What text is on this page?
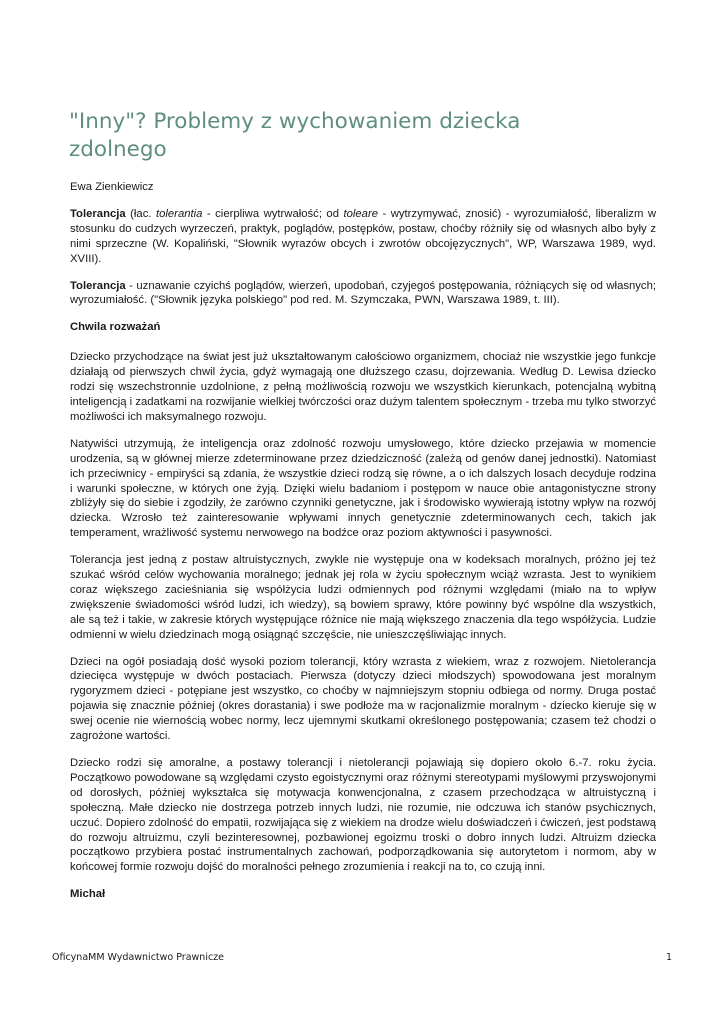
"Inny"? Problemy z wychowaniem dziecka zdolnego

Ewa Zienkiewicz

Tolerancja (łac. tolerantia - cierpliwa wytrwałość; od toleare - wytrzymywać, znosić) - wyrozumiałość, liberalizm w stosunku do cudzych wyrzeczeń, praktyk, poglądów, postępków, postaw, choćby różniły się od własnych albo były z nimi sprzeczne (W. Kopaliński, "Słownik wyrazów obcych i zwrotów obcojęzycznych", WP, Warszawa 1989, wyd. XVIII).

Tolerancja - uznawanie czyichś poglądów, wierzeń, upodobań, czyjegoś postępowania, różniących się od własnych; wyrozumiałość. ("Słownik języka polskiego" pod red. M. Szymczaka, PWN, Warszawa 1989, t. III).

Chwila rozważań

Dziecko przychodzące na świat jest już ukształtowanym całościowo organizmem, chociaż nie wszystkie jego funkcje działają od pierwszych chwil życia, gdyż wymagają one dłuższego czasu, dojrzewania. Według D. Lewisa dziecko rodzi się wszechstronnie uzdolnione, z pełną możliwością rozwoju we wszystkich kierunkach, potencjalną wybitną inteligencją i zadatkami na rozwijanie wielkiej twórczości oraz dużym talentem społecznym - trzeba mu tylko stworzyć możliwości ich maksymalnego rozwoju.

Natywiści utrzymują, że inteligencja oraz zdolność rozwoju umysłowego, które dziecko przejawia w momencie urodzenia, są w głównej mierze zdeterminowane przez dziedziczność (zależą od genów danej jednostki). Natomiast ich przeciwnicy - empiryści są zdania, że wszystkie dzieci rodzą się równe, a o ich dalszych losach decyduje rodzina i warunki społeczne, w których one żyją. Dzięki wielu badaniom i postępom w nauce obie antagonistyczne strony zbliżyły się do siebie i zgodziły, że zarówno czynniki genetyczne, jak i środowisko wywierają istotny wpływ na rozwój dziecka. Wzrosło też zainteresowanie wpływami innych genetycznie zdeterminowanych cech, takich jak temperament, wrażliwość systemu nerwowego na bodźce oraz poziom aktywności i pasywności.

Tolerancja jest jedną z postaw altruistycznych, zwykle nie występuje ona w kodeksach moralnych, próżno jej też szukać wśród celów wychowania moralnego; jednak jej rola w życiu społecznym wciąż wzrasta. Jest to wynikiem coraz większego zacieśniania się współżycia ludzi odmiennych pod różnymi względami (miało na to wpływ zwiększenie świadomości wśród ludzi, ich wiedzy), są bowiem sprawy, które powinny być wspólne dla wszystkich, ale są też i takie, w zakresie których występujące różnice nie mają większego znaczenia dla tego współżycia. Ludzie odmienni w wielu dziedzinach mogą osiągnąć szczęście, nie unieszczęśliwiając innych.

Dzieci na ogół posiadają dość wysoki poziom tolerancji, który wzrasta z wiekiem, wraz z rozwojem. Nietolerancja dziecięca występuje w dwóch postaciach. Pierwsza (dotyczy dzieci młodszych) spowodowana jest moralnym rygoryzmem dzieci - potępiane jest wszystko, co choćby w najmniejszym stopniu odbiega od normy. Druga postać pojawia się znacznie później (okres dorastania) i swe podłoże ma w racjonalizmie moralnym - dziecko kieruje się w swej ocenie nie wiernością wobec normy, lecz ujemnymi skutkami określonego postępowania; czasem też chodzi o zagrożone wartości.

Dziecko rodzi się amoralne, a postawy tolerancji i nietolerancji pojawiają się dopiero około 6.-7. roku życia. Początkowo powodowane są względami czysto egoistycznymi oraz różnymi stereotypami myślowymi przyswojonymi od dorosłych, później wykształca się motywacja konwencjonalna, z czasem przechodząca w altruistyczną i społeczną. Małe dziecko nie dostrzega potrzeb innych ludzi, nie rozumie, nie odczuwa ich stanów psychicznych, uczuć. Dopiero zdolność do empatii, rozwijająca się z wiekiem na drodze wielu doświadczeń i ćwiczeń, jest podstawą do rozwoju altruizmu, czyli bezinteresownej, pozbawionej egoizmu troski o dobro innych ludzi. Altruizm dziecka początkowo przybiera postać instrumentalnych zachowań, podporządkowania się autorytetom i normom, aby w końcowej formie rozwoju dojść do moralności pełnego zrozumienia i reakcji na to, co czują inni.

Michał

OficynaMM Wydawnictwo Prawnicze	1
